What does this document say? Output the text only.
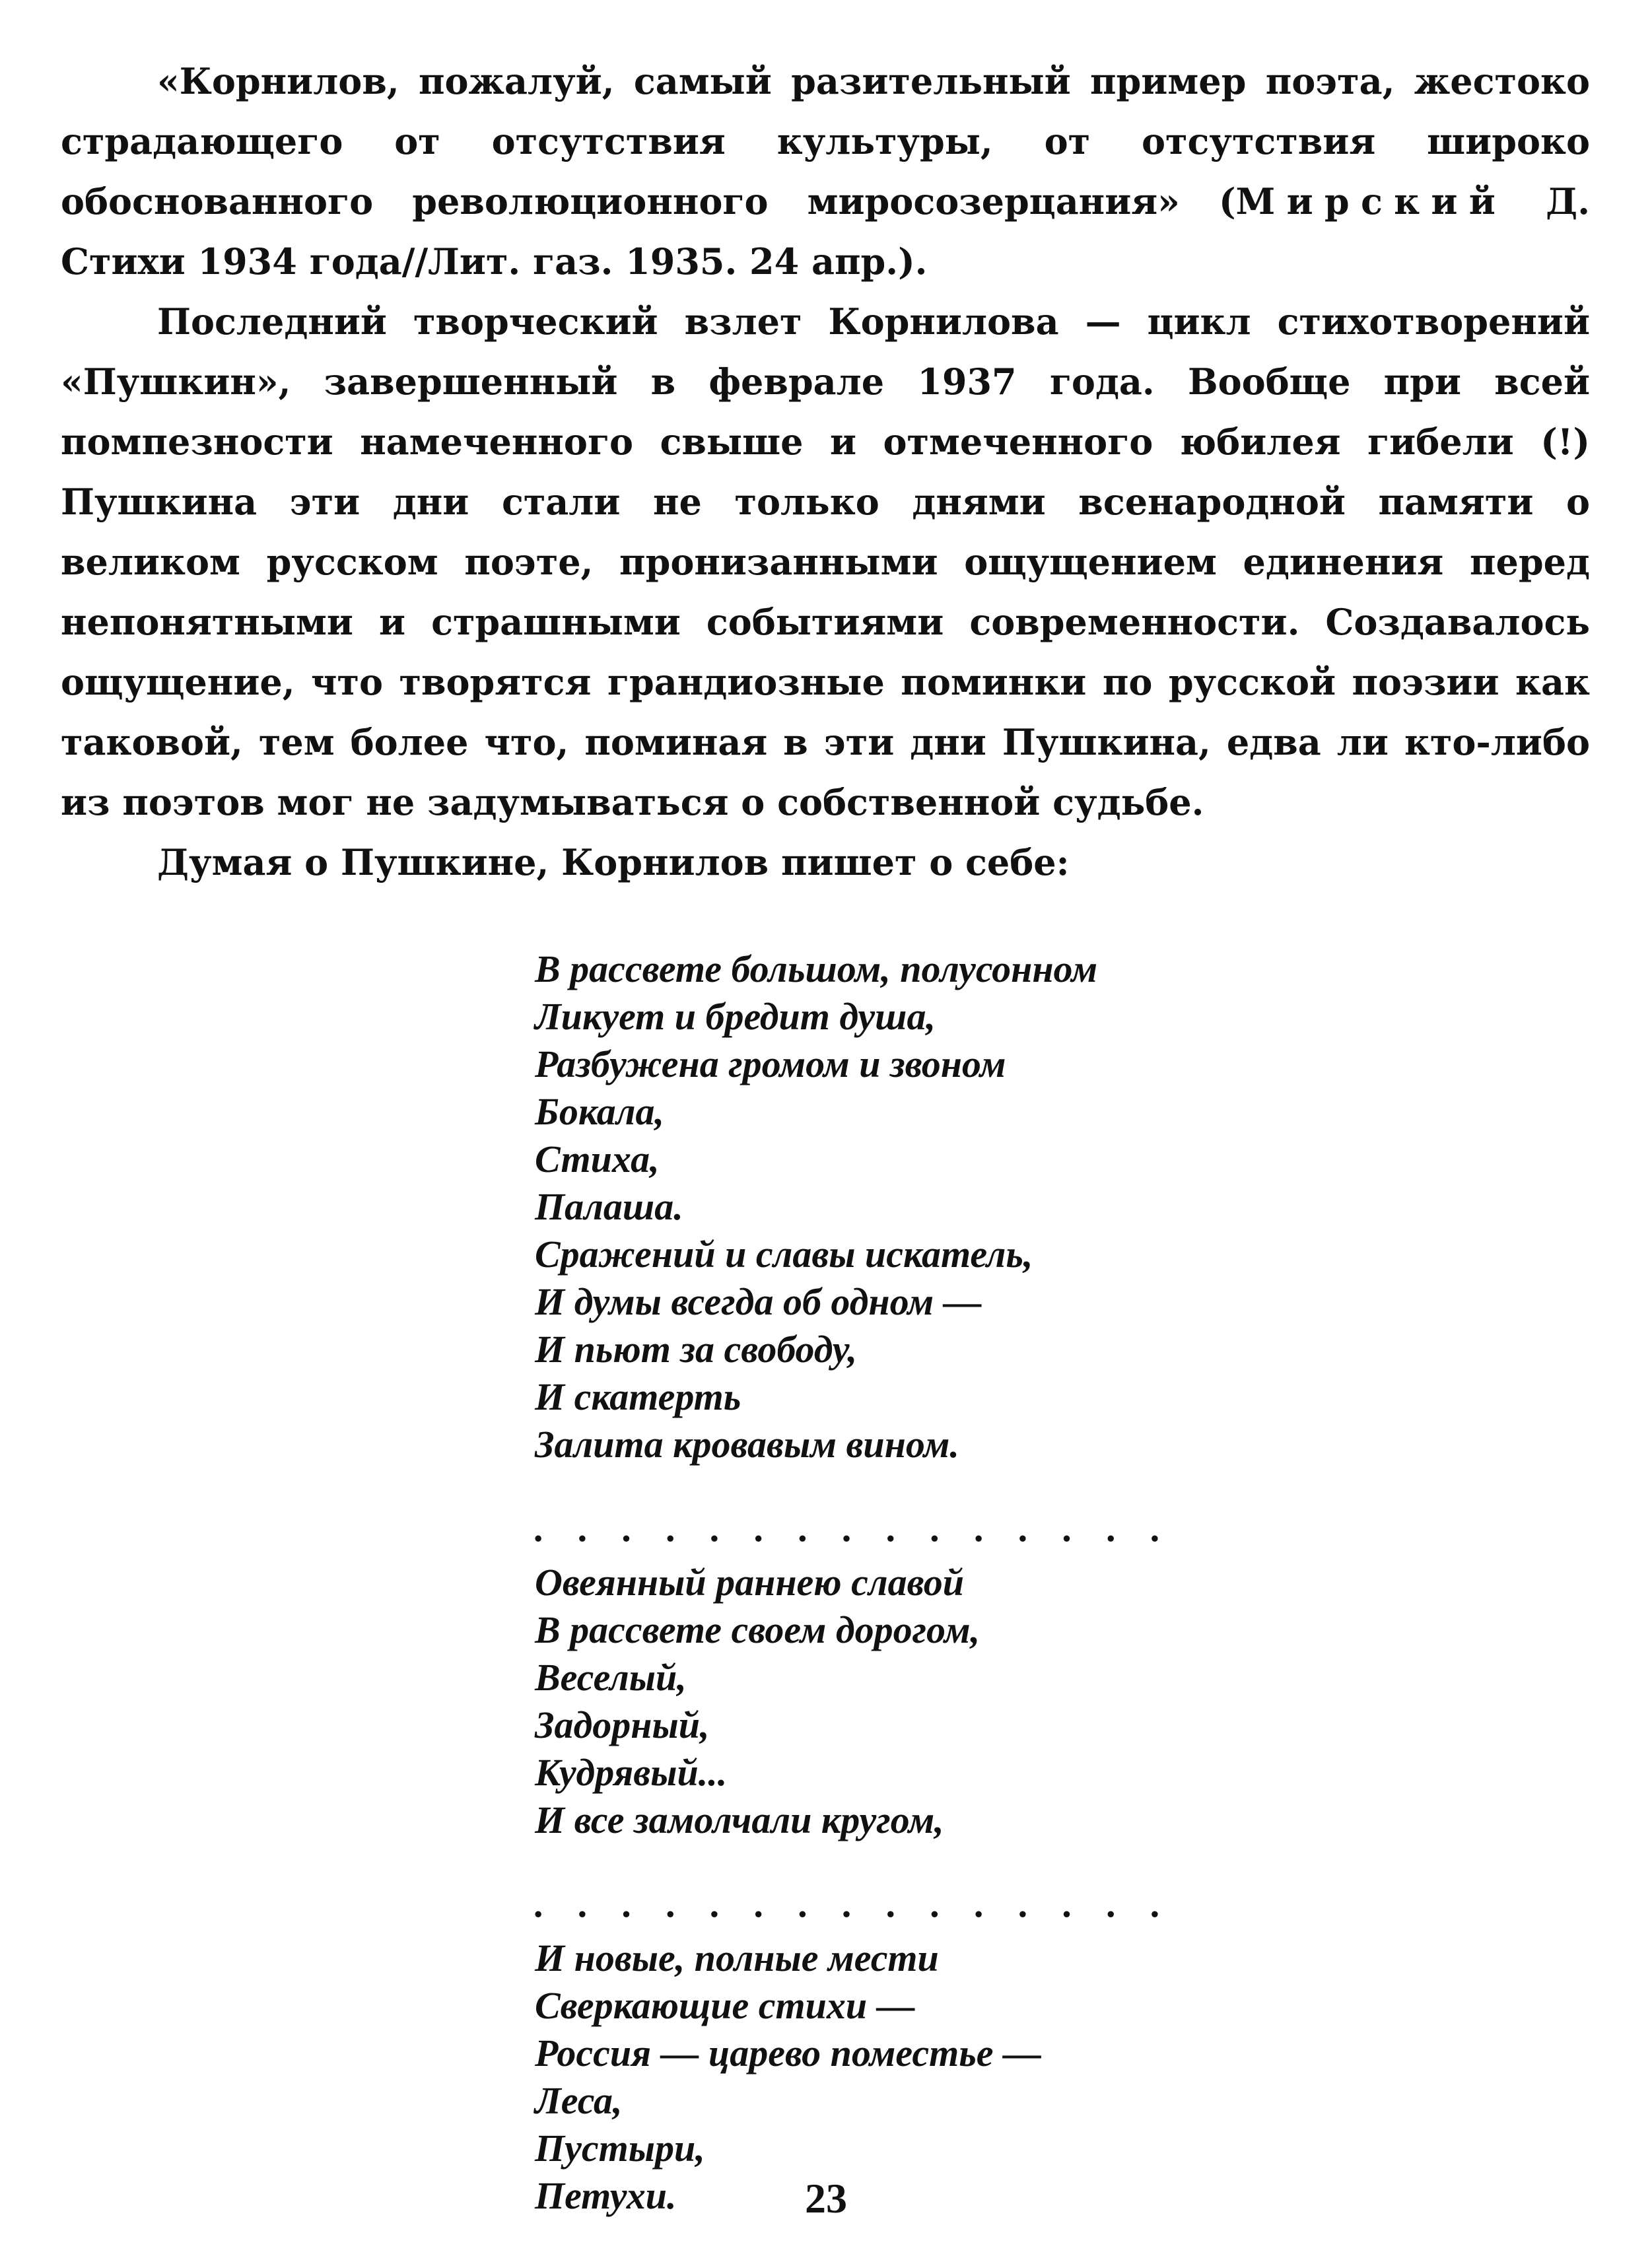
«Корнилов, пожалуй, самый разительный пример поэта, жестоко страдающего от отсутствия культуры, от отсутствия широко обоснованного революционного миросозерцания» (Мирский Д. Стихи 1934 года//Лит. газ. 1935. 24 апр.).

Последний творческий взлет Корнилова — цикл стихотворений «Пушкин», завершенный в феврале 1937 года. Вообще при всей помпезности намеченного свыше и отмеченного юбилея гибели (!) Пушкина эти дни стали не только днями всенародной памяти о великом русском поэте, пронизанными ощущением единения перед непонятными и страшными событиями современности. Создавалось ощущение, что творятся грандиозные поминки по русской поэзии как таковой, тем более что, поминая в эти дни Пушкина, едва ли кто-либо из поэтов мог не задумываться о собственной судьбе.

Думая о Пушкине, Корнилов пишет о себе:

В рассвете большом, полусонном
Ликует и бредит душа,
Разбужена громом и звоном
Бокала,
Стиха,
Палаша.
Сражений и славы искатель,
И думы всегда об одном —
И пьют за свободу,
И скатерть
Залита кровавым вином.
...............
Овеянный раннею славой
В рассвете своем дорогом,
Веселый,
Задорный,
Кудрявый...
И все замолчали кругом,
...............
И новые, полные мести
Сверкающие стихи —
Россия — царево поместье —
Леса,
Пустыри,
Петухи.	23
